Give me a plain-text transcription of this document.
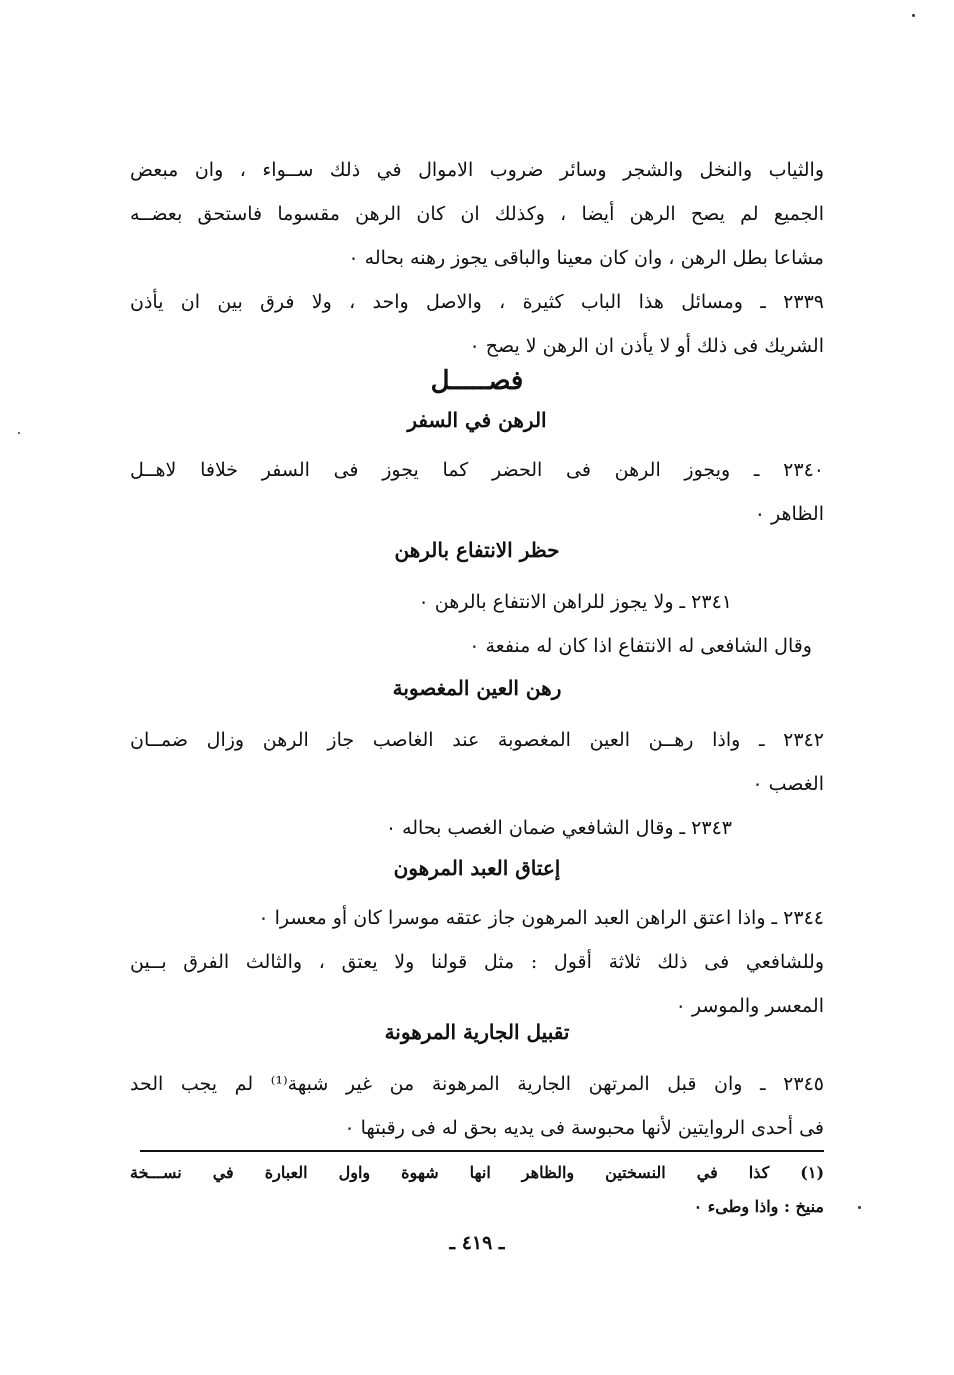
والثياب والنخل والشجر وسائر ضروب الاموال في ذلك ســواء ، وان مبعض
الجميع لم يصح الرهن أيضا ، وكذلك ان كان الرهن مقسوما فاستحق بعضــه
مشاعا بطل الرهن ، وان كان معينا والباقى يجوز رهنه بحاله ٠
٢٣٣٩ ـ ومسائل هذا الباب كثيرة ، والاصل واحد ، ولا فرق بين ان يأذن
الشريك فى ذلك أو لا يأذن ان الرهن لا يصح ٠
فصـــــل
الرهن في السفر
٢٣٤٠ ـ ويجوز الرهن فى الحضر كما يجوز فى السفر خلافا لاهــل
الظاهر ٠
حظر الانتفاع بالرهن
٢٣٤١ ـ ولا يجوز للراهن الانتفاع بالرهن ٠
وقال الشافعى له الانتفاع اذا كان له منفعة ٠
رهن العين المغصوبة
٢٣٤٢ ـ واذا رهــن العين المغصوبة عند الغاصب جاز الرهن وزال ضمــان
الغصب ٠
٢٣٤٣ ـ وقال الشافعي ضمان الغصب بحاله ٠
إعتاق العبد المرهون
٢٣٤٤ ـ واذا اعتق الراهن العبد المرهون جاز عتقه موسرا كان أو معسرا ٠
وللشافعي فى ذلك ثلاثة أقول : مثل قولنا ولا يعتق ، والثالث الفرق بــين
المعسر والموسر ٠
تقبيل الجارية المرهونة
٢٣٤٥ ـ وان قبل المرتهن الجارية المرهونة من غير شبهة⁽¹⁾ لم يجب الحد
فى أحدى الروايتين لأنها محبوسة فى يديه بحق له فى رقبتها ٠
(١) كذا في النسختين والظاهر انها شهوة واول العبارة في نســـخة
منيخ : واذا وطىء ٠
ـ ٤١٩ ـ
